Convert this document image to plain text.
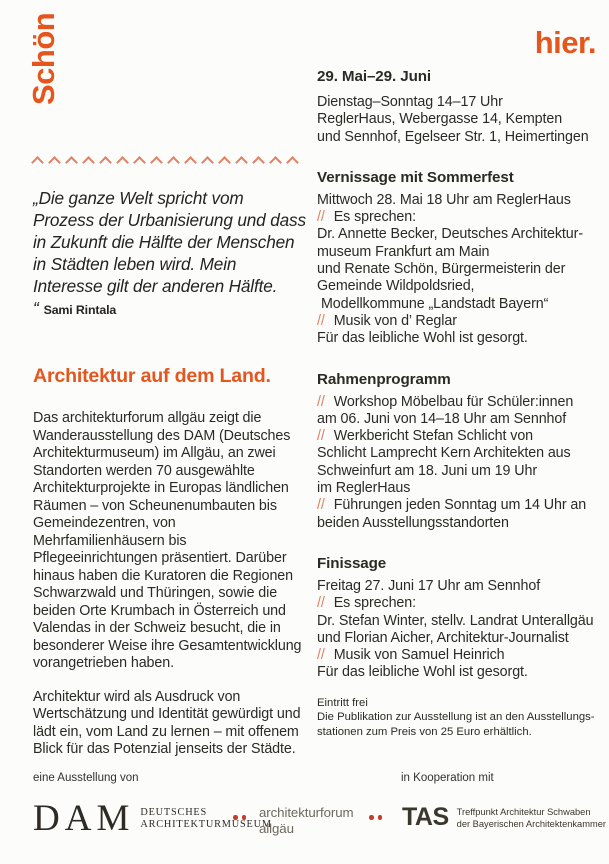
Schön	hier.

„Die ganze Welt spricht vom Prozess der Urbanisierung und dass in Zukunft die Hälfte der Menschen in Städten leben wird. Mein Interesse gilt der anderen Hälfte. “ Sami Rintala

Architektur auf dem Land.

Das architekturforum allgäu zeigt die Wanderausstellung des DAM (Deutsches Architekturmuseum) im Allgäu, an zwei Standorten werden 70 ausgewählte Architekturprojekte in Europas ländlichen Räumen – von Scheunenumbauten bis Gemeindezentren, von Mehrfamilienhäusern bis Pflegeeinrichtungen präsentiert. Darüber hinaus haben die Kuratoren die Regionen Schwarzwald und Thüringen, sowie die beiden Orte Krumbach in Österreich und Valendas in der Schweiz besucht, die in besonderer Weise ihre Gesamtentwicklung vorangetrieben haben.

Architektur wird als Ausdruck von Wertschätzung und Identität gewürdigt und lädt ein, vom Land zu lernen – mit offenem Blick für das Potenzial jenseits der Städte.

29. Mai–29. Juni
Dienstag–Sonntag 14–17 Uhr
ReglerHaus, Webergasse 14, Kempten
und Sennhof, Egelseer Str. 1, Heimertingen
Vernissage mit Sommerfest
Mittwoch 28. Mai 18 Uhr am ReglerHaus
// Es sprechen:
Dr. Annette Becker, Deutsches Architektur-
museum Frankfurt am Main
und Renate Schön, Bürgermeisterin der
Gemeinde Wildpoldsried,
Modellkommune „Landstadt Bayern“
// Musik von d’ Reglar
Für das leibliche Wohl ist gesorgt.
Rahmenprogramm
// Workshop Möbelbau für Schüler:innen
am 06. Juni von 14–18 Uhr am Sennhof
// Werkbericht Stefan Schlicht von
Schlicht Lamprecht Kern Architekten aus
Schweinfurt am 18. Juni um 19 Uhr
im ReglerHaus
// Führungen jeden Sonntag um 14 Uhr an
beiden Ausstellungsstandorten
Finissage
Freitag 27. Juni 17 Uhr am Sennhof
// Es sprechen:
Dr. Stefan Winter, stellv. Landrat Unterallgäu
und Florian Aicher, Architektur-Journalist
// Musik von Samuel Heinrich
Für das leibliche Wohl ist gesorgt.
Eintritt frei
Die Publikation zur Ausstellung ist an den Ausstellungs-
stationen zum Preis von 25 Euro erhältlich.
eine Ausstellung von	in Kooperation mit
DAM DEUTSCHES
ARCHITEKTURMUSEUM
architekturforum
allgäu	TAS Treffpunkt Architektur Schwaben
der Bayerischen Architektenkammer
